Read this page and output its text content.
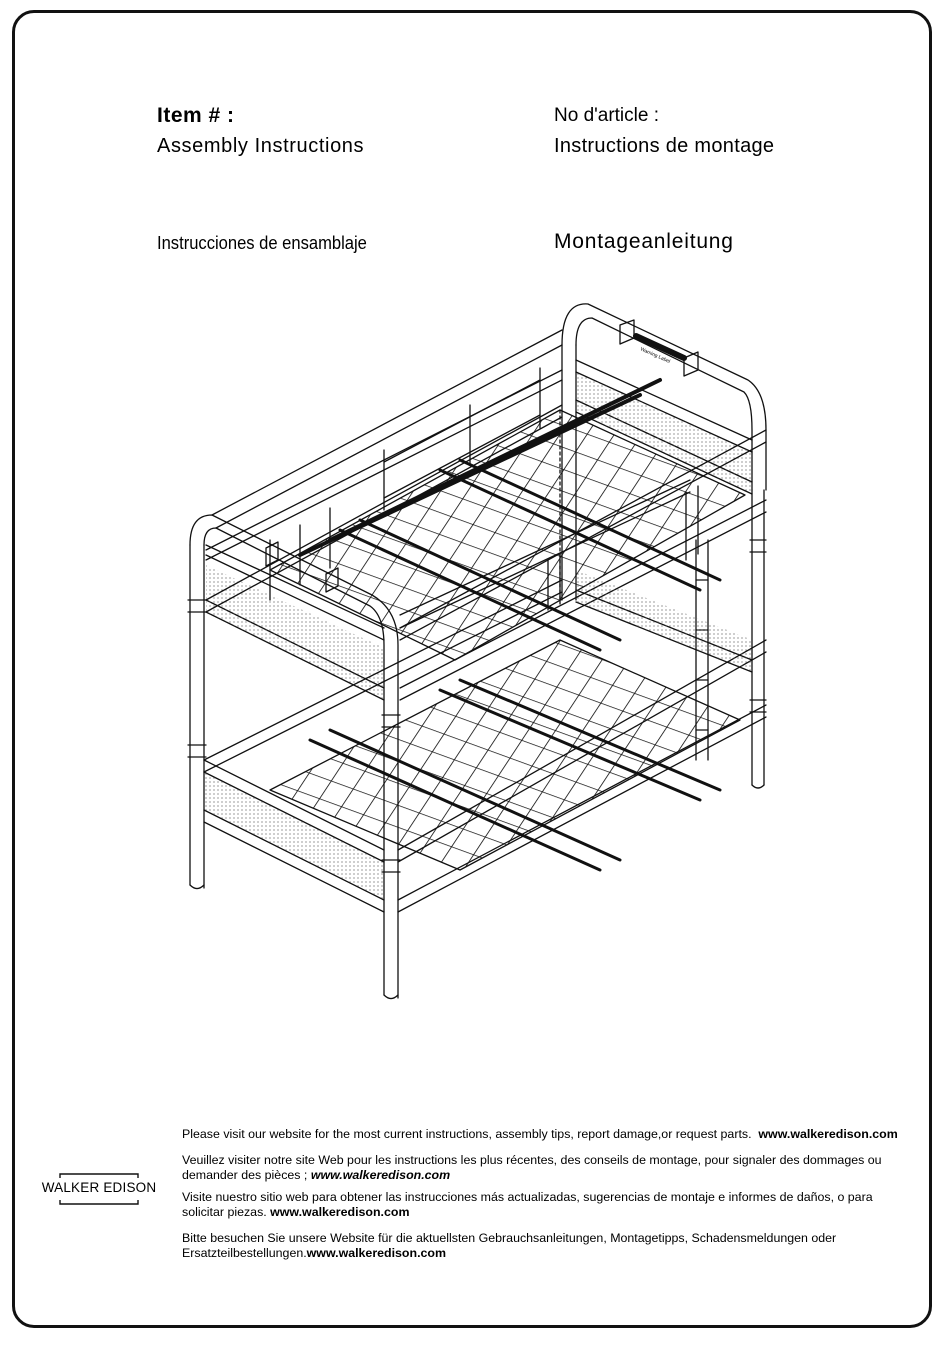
Item # :
Assembly Instructions
No d'article :
Instructions de montage
Instrucciones de ensamblaje	Montageanleitung
Warning Label
Please visit our website for the most current instructions, assembly tips, report damage,or request parts. www.walkeredison.com
Veuillez visiter notre site Web pour les instructions les plus récentes, des conseils de montage, pour signaler des dommages ou demander des pièces ; www.walkeredison.com
Visite nuestro sitio web para obtener las instrucciones más actualizadas, sugerencias de montaje e informes de daños, o para solicitar piezas. www.walkeredison.com
Bitte besuchen Sie unsere Website für die aktuellsten Gebrauchsanleitungen, Montagetipps, Schadensmeldungen oder Ersatzteilbestellungen.www.walkeredison.com
WALKER EDISON
